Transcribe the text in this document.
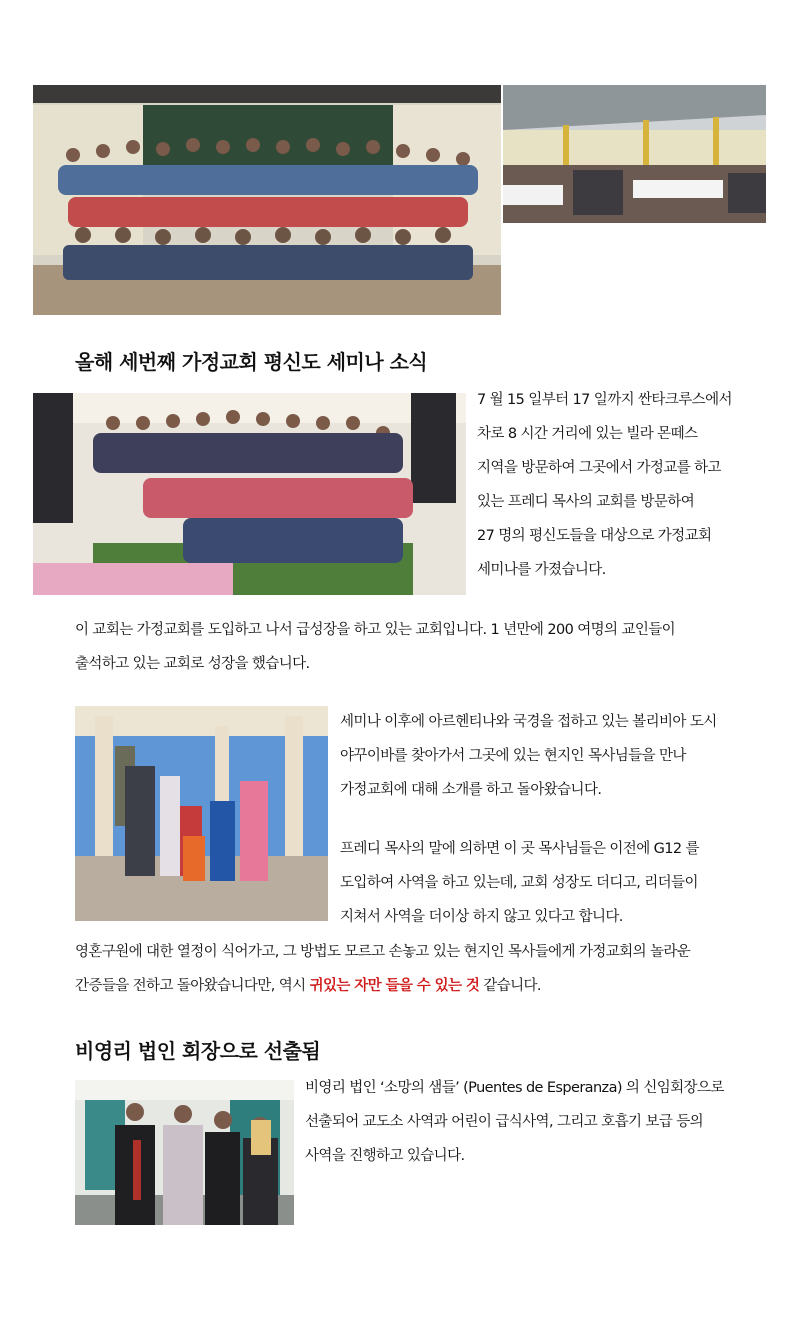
올해 세번째 가정교회 평신도 세미나 소식
7 월 15 일부터 17 일까지 싼타크루스에서
차로 8 시간 거리에 있는 빌라 몬떼스
지역을 방문하여 그곳에서 가정교를 하고
있는 프레디 목사의 교회를 방문하여
27 명의 평신도들을 대상으로 가정교회
세미나를 가졌습니다.
이 교회는 가정교회를 도입하고 나서 급성장을 하고 있는 교회입니다. 1 년만에 200 여명의 교인들이
출석하고 있는 교회로 성장을 했습니다.
세미나 이후에 아르헨티나와 국경을 접하고 있는 볼리비아 도시
야꾸이바를 찾아가서 그곳에 있는 현지인 목사님들을 만나
가정교회에 대해 소개를 하고 돌아왔습니다.
프레디 목사의 말에 의하면 이 곳 목사님들은 이전에 G12 를
도입하여 사역을 하고 있는데, 교회 성장도 더디고, 리더들이
지쳐서 사역을 더이상 하지 않고 있다고 합니다.
영혼구원에 대한 열정이 식어가고, 그 방법도 모르고 손놓고 있는 현지인 목사들에게 가정교회의 놀라운
간증들을 전하고 돌아왔습니다만, 역시 귀있는 자만 들을 수 있는 것 같습니다.
비영리 법인 회장으로 선출됨
비영리 법인 ‘소망의 샘들’ (Puentes de Esperanza) 의 신임회장으로
선출되어 교도소 사역과 어린이 급식사역, 그리고 호흡기 보급 등의
사역을 진행하고 있습니다.
